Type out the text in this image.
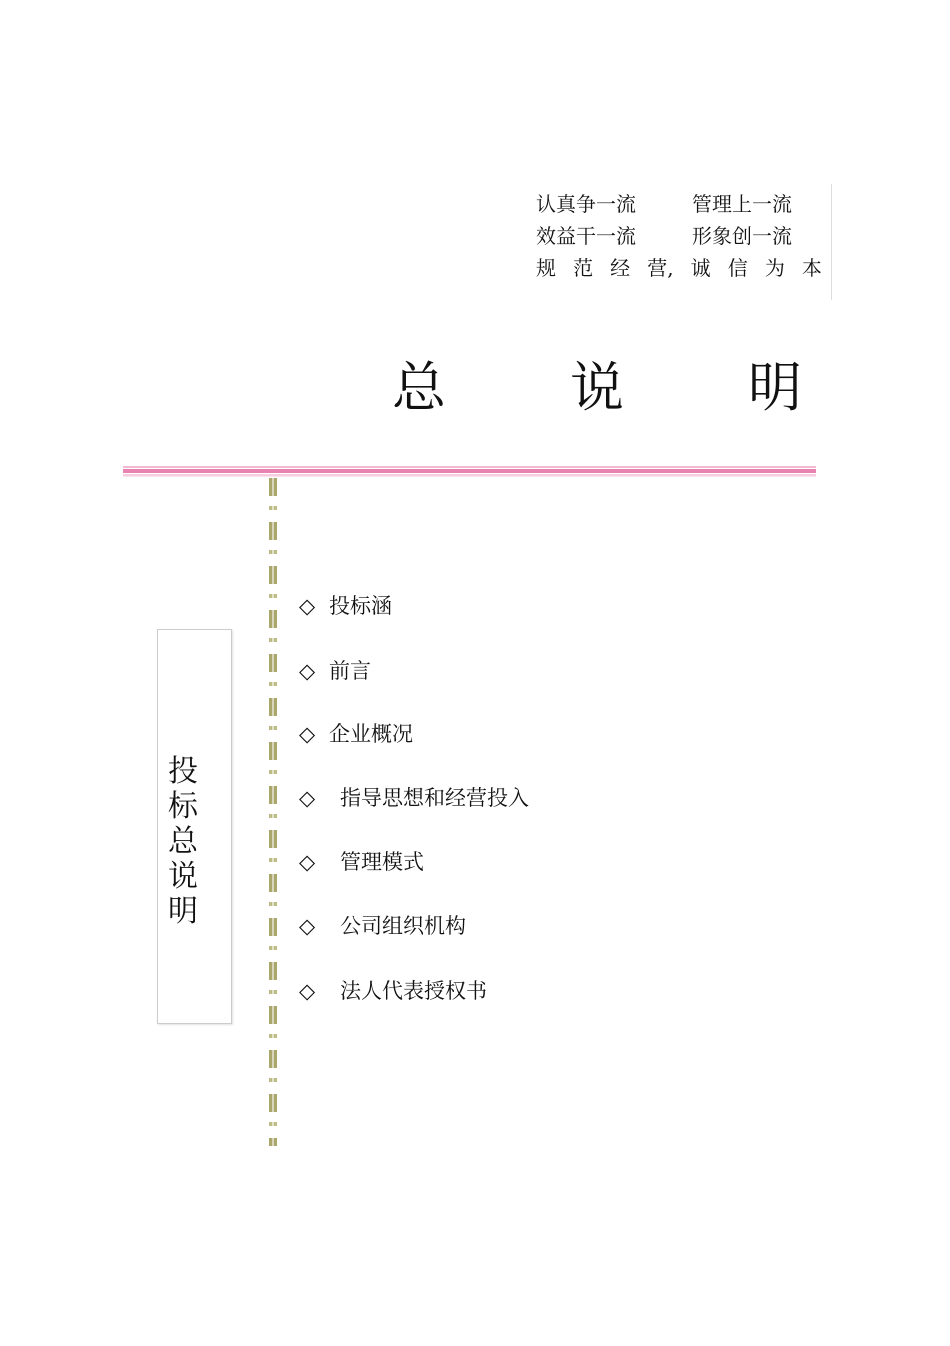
认真争一流	管理上一流
效益干一流	形象创一流
规 范 经 营, 诚 信 为 本
总 说 明
投
标
总
说
明
◇ 投标涵
◇ 前言
◇ 企业概况
◇ 指导思想和经营投入
◇ 管理模式
◇ 公司组织机构
◇ 法人代表授权书
